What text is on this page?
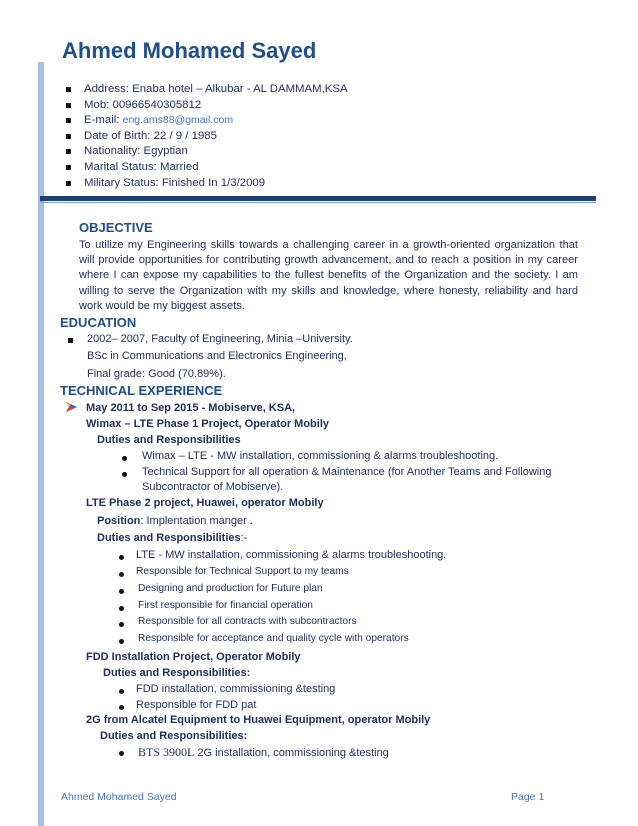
Ahmed Mohamed Sayed
Address: Enaba hotel – Alkubar - AL DAMMAM,KSA
Mob: 00966540305812
E-mail: eng.ams88@gmail.com
Date of Birth: 22 / 9 / 1985
Nationality: Egyptian
Marital Status: Married
Military Status: Finished In 1/3/2009
OBJECTIVE
To utilize my Engineering skills towards a challenging career in a growth-oriented organization that will provide opportunities for contributing growth advancement, and to reach a position in my career where I can expose my capabilities to the fullest benefits of the Organization and the society. I am willing to serve the Organization with my skills and knowledge, where honesty, reliability and hard work would be my biggest assets.
EDUCATION
2002– 2007, Faculty of Engineering, Minia –University.
BSc in Communications and Electronics Engineering,
Final grade: Good (70.89%).
TECHNICAL EXPERIENCE
May 2011 to Sep 2015 - Mobiserve, KSA,
Wimax – LTE Phase 1 Project, Operator Mobily
Duties and Responsibilities
Wimax – LTE - MW installation, commissioning & alarms troubleshooting.
Technical Support for all operation & Maintenance (for Another Teams and Following
Subcontractor of Mobiserve).
LTE Phase 2 project, Huawei, operator Mobily
Position: Implentation manger .
Duties and Responsibilities:-
LTE - MW installation, commissioning & alarms troubleshooting.
Responsible for Technical Support to my teams
Designing and production for Future plan
First responsible for financial operation
Responsible for all contracts with subcontractors
Responsible for acceptance and quality cycle with operators
FDD Installation Project, Operator Mobily
Duties and Responsibilities:
FDD installation, commissioning &testing
Responsible for FDD pat
2G from Alcatel Equipment to Huawei Equipment, operator Mobily
Duties and Responsibilities:
BTS 3900L 2G installation, commissioning &testing
Ahmed Mohamed Sayed	Page 1
